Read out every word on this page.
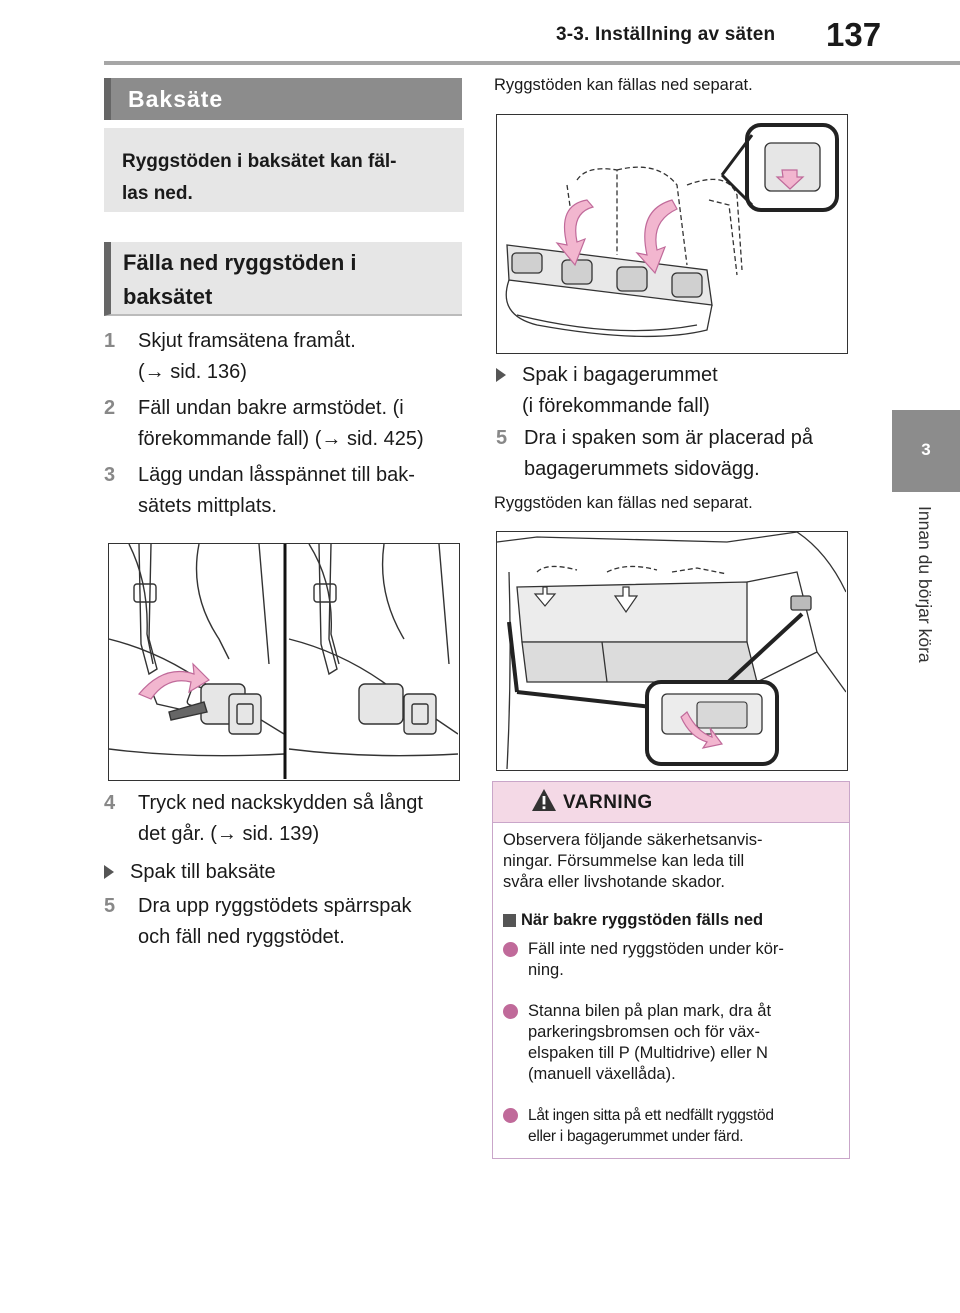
3-3. Inställning av säten 137
3
Innan du börjar köra
Baksäte
Ryggstöden i baksätet kan fäl-
las ned.
Fälla ned ryggstöden i
baksätet
1 Skjut framsätena framåt.
(→ sid. 136)
2 Fäll undan bakre armstödet. (i
förekommande fall) (→ sid. 425)
3 Lägg undan låsspännet till bak-
sätets mittplats.
4 Tryck ned nackskydden så långt
det går. (→ sid. 139)
Spak till baksäte
5 Dra upp ryggstödets spärrspak
och fäll ned ryggstödet.
Ryggstöden kan fällas ned separat.
Spak i bagagerummet
(i förekommande fall)
5 Dra i spaken som är placerad på
bagagerummets sidovägg.
Ryggstöden kan fällas ned separat.
VARNING
Observera följande säkerhetsanvis-
ningar. Försummelse kan leda till
svåra eller livshotande skador.
När bakre ryggstöden fälls ned
Fäll inte ned ryggstöden under kör-
ning.
Stanna bilen på plan mark, dra åt
parkeringsbromsen och för väx-
elspaken till P (Multidrive) eller N
(manuell växellåda).
Låt ingen sitta på ett nedfällt ryggstöd
eller i bagagerummet under färd.
